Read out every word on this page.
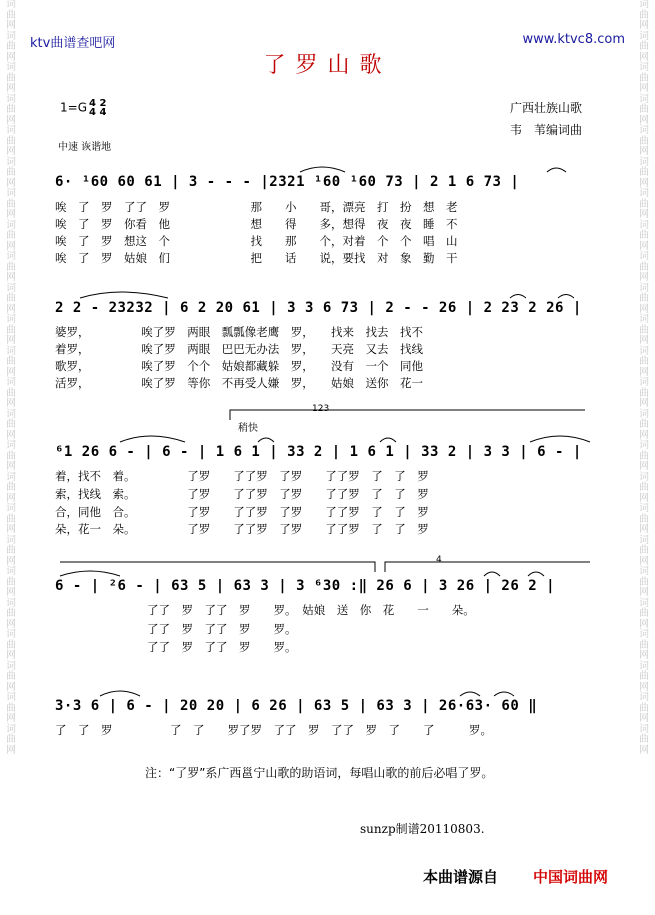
词曲网词曲网词曲网词曲网词曲网词曲网词曲网词曲网词曲网词曲网词曲网词曲网词曲网词曲网词曲网词曲网词曲网词曲网词曲网词曲网词曲网词曲网词曲网词曲网
词曲网词曲网词曲网词曲网词曲网词曲网词曲网词曲网词曲网词曲网词曲网词曲网词曲网词曲网词曲网词曲网词曲网词曲网词曲网词曲网词曲网词曲网词曲网词曲网
ktv曲谱查吧网	www.ktvc8.com
了罗山歌
1=G 4 2
4 4	广西壮族山歌
韦　苇编词曲
中速 诙谐地
6· ¹60 60 61 | 3 - - - |2321 ¹60 ¹60 73 | 2 1 6 73 |
唉　了　罗　了了　罗　　　　　　　那　　小　　哥，漂亮　打　扮　想　老
唉　了　罗　你看　他　　　　　　　想　　得　　多，想得　夜　夜　睡　不
唉　了　罗　想这　个　　　　　　　找　　那　　个，对着　个　个　唱　山
唉　了　罗　姑娘　们　　　　　　　把　　话　　说，要找　对　象　勤　干
2 2 - 23232 | 6 2 20 61 | 3 3 6 73 | 2 - - 26 | 2 23 2 26 |
婆罗，　　　　　唉了罗　两眼　瓢瓢像老鹰　罗，　　找来　找去　找不
着罗，　　　　　唉了罗　两眼　巴巴无办法　罗，　　天亮　又去　找线
歌罗，　　　　　唉了罗　个个　姑娘都藏躲　罗，　　没有　一个　同他
活罗，　　　　　唉了罗　等你　不再受人嫌　罗，　　姑娘　送你　花一
123
稍快
⁶1 26 6 - | 6 - | 1 6 1 | 33 2 | 1 6 1 | 33 2 | 3 3 | 6 - |
着，找不　着。　　　　　了罗　　了了罗　了罗　　了了罗　了　了　罗
索，找线　索。　　　　　了罗　　了了罗　了罗　　了了罗　了　了　罗
合，同他　合。　　　　　了罗　　了了罗　了罗　　了了罗　了　了　罗
朵，花一　朵。　　　　　了罗　　了了罗　了罗　　了了罗　了　了　罗
4
6 - | ²6 - | 63 5 | 63 3 | 3 ⁶30 :‖ 26 6 | 3 26 | 26 2 |
　　　　　　　　了了　罗　了了　罗　　罗。　姑娘　送　你　花　　一　　朵。
　　　　　　　　了了　罗　了了　罗　　罗。
　　　　　　　　了了　罗　了了　罗　　罗。
3·3 6 | 6 - | 20 20 | 6 26 | 63 5 | 63 3 | 26·63· 60 ‖
了　了　罗　　　　　了　了　　罗了罗　了了　罗　了了　罗　了　　了　　　罗。
注：“了罗”系广西邕宁山歌的助语词，每唱山歌的前后必唱了罗。
sunzp制谱20110803.
本曲谱源自 中国词曲网
